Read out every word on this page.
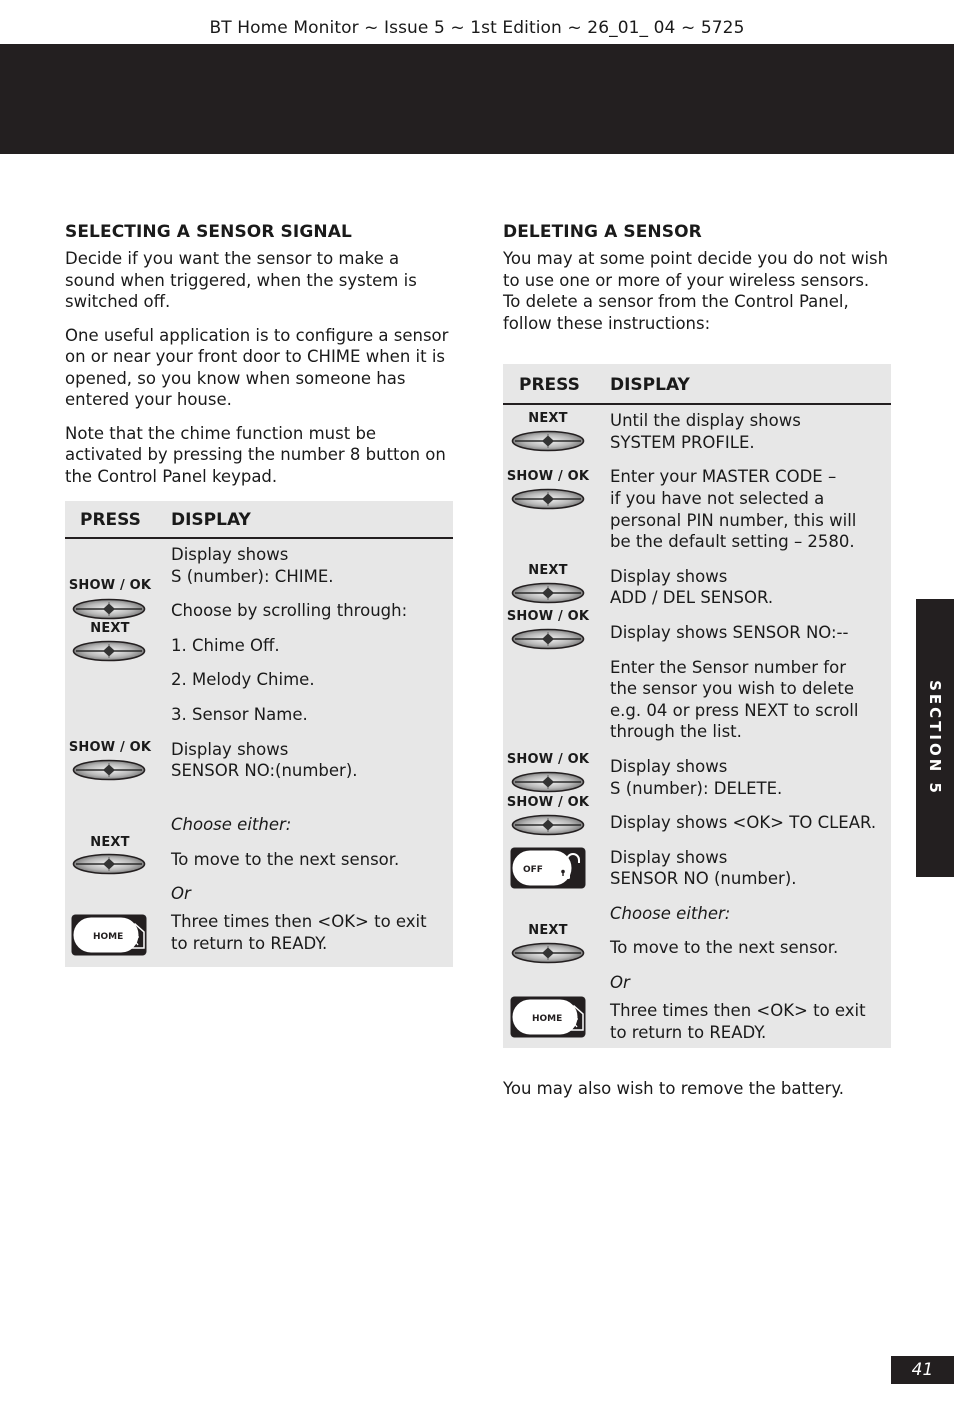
BT Home Monitor ~ Issue 5 ~ 1st Edition ~ 26_01_ 04 ~ 5725
SELECTING A SENSOR SIGNAL

Decide if you want the sensor to make a sound when triggered, when the system is switched off.

One useful application is to configure a sensor on or near your front door to CHIME when it is opened, so you know when someone has entered your house.

Note that the chime function must be activated by pressing the number 8 button on the Control Panel keypad.

PRESS DISPLAY
SHOW / OK
NEXT
SHOW / OK
NEXT
HOME
Display shows
S (number): CHIME.
Choose by scrolling through:
1. Chime Off.
2. Melody Chime.
3. Sensor Name.
Display shows
SENSOR NO:(number).
Choose either:
To move to the next sensor.
Or
Three times then <OK> to exit
to return to READY.
DELETING A SENSOR

You may at some point decide you do not wish to use one or more of your wireless sensors. To delete a sensor from the Control Panel, follow these instructions:

PRESS DISPLAY
NEXT
SHOW / OK
NEXT
SHOW / OK
SHOW / OK
SHOW / OK
OFF
NEXT
HOME
Until the display shows
SYSTEM PROFILE.
Enter your MASTER CODE –
if you have not selected a
personal PIN number, this will
be the default setting – 2580.
Display shows
ADD / DEL SENSOR.
Display shows SENSOR NO:--
Enter the Sensor number for
the sensor you wish to delete
e.g. 04 or press NEXT to scroll
through the list.
Display shows
S (number): DELETE.
Display shows <OK> TO CLEAR.
Display shows
SENSOR NO (number).
Choose either:
To move to the next sensor.
Or
Three times then <OK> to exit
to return to READY.
You may also wish to remove the battery.
SECTION 5
41
